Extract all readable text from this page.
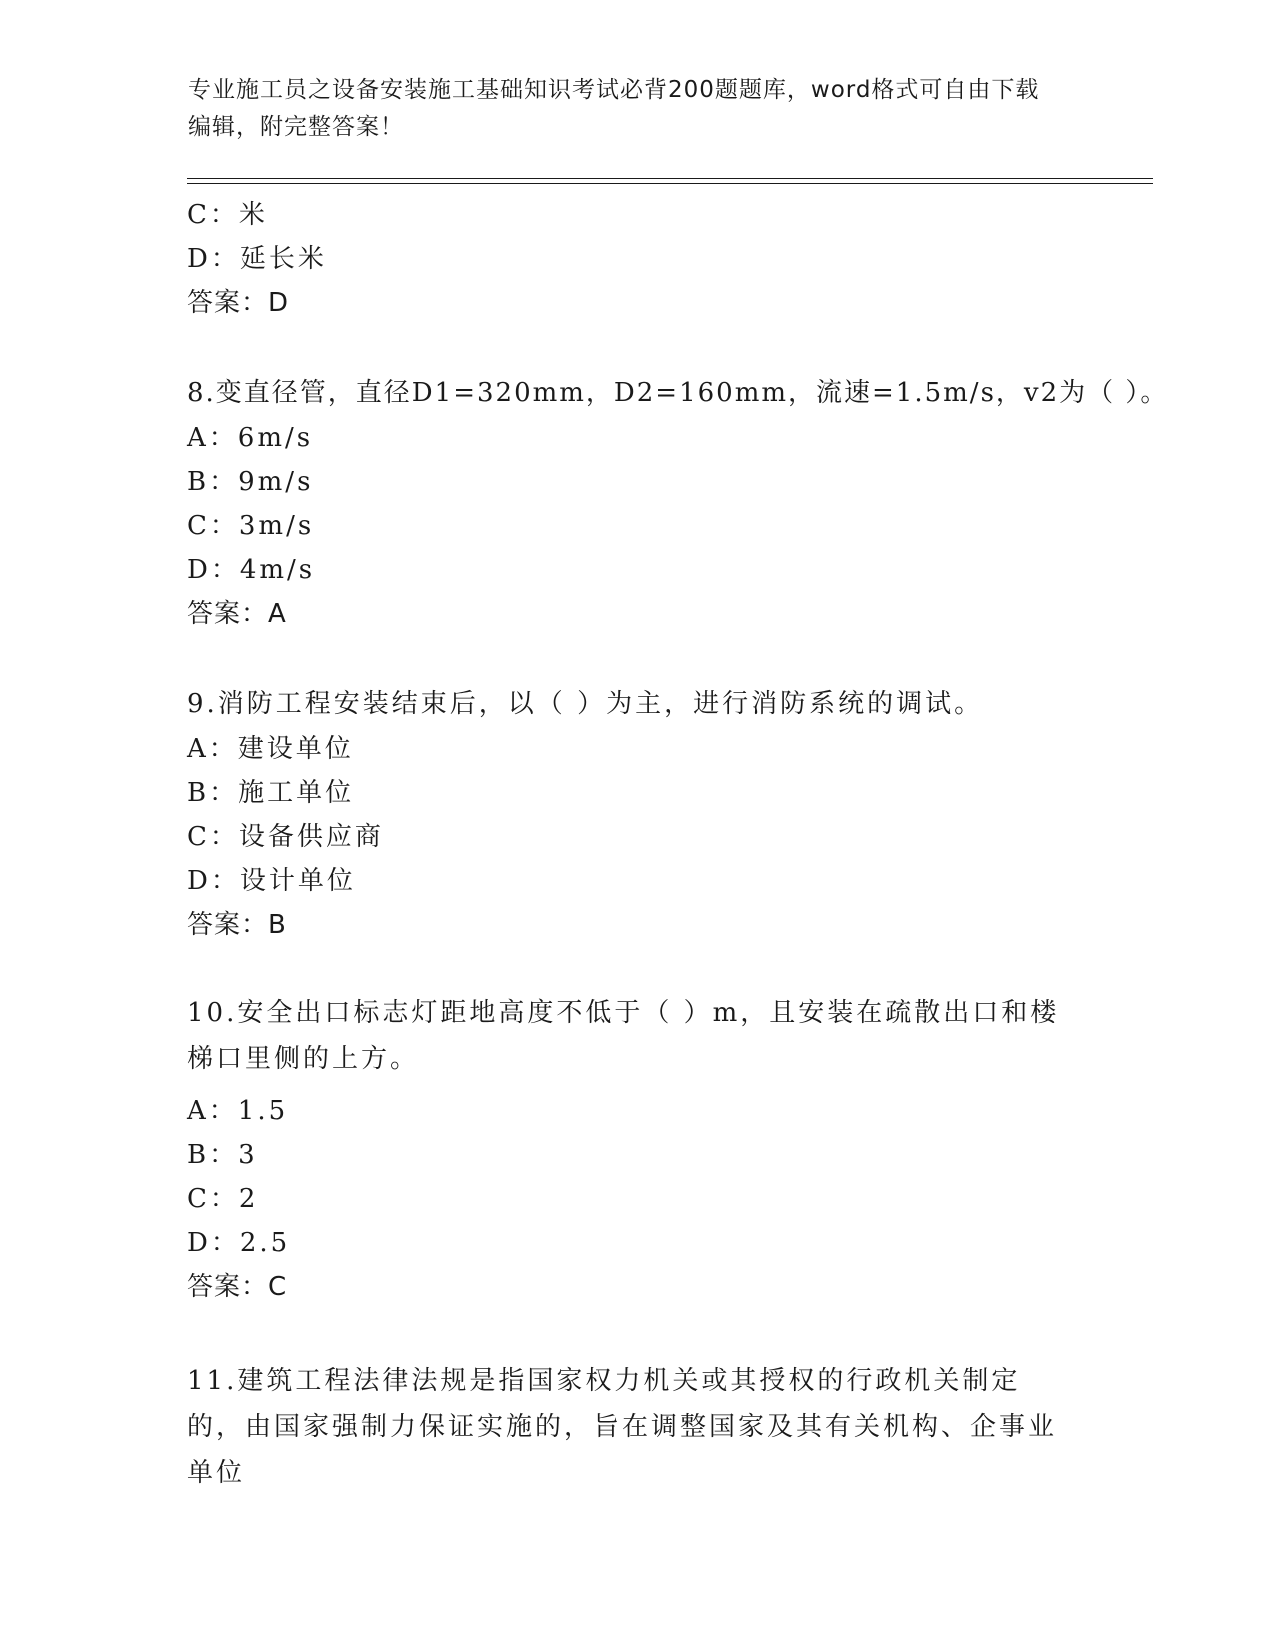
专业施工员之设备安装施工基础知识考试必背200题题库，word格式可自由下载
编辑，附完整答案！
C：米
D：延长米
答案：D
8.变直径管，直径D1=320mm，D2=160mm，流速=1.5m/s，v2为（ ）。
A：6m/s
B：9m/s
C：3m/s
D：4m/s
答案：A
9.消防工程安装结束后，以（ ）为主，进行消防系统的调试。
A：建设单位
B：施工单位
C：设备供应商
D：设计单位
答案：B
10.安全出口标志灯距地高度不低于（ ）m，且安装在疏散出口和楼梯口里侧的上方。
A：1.5
B：3
C：2
D：2.5
答案：C
11.建筑工程法律法规是指国家权力机关或其授权的行政机关制定的，由国家强制力保证实施的，旨在调整国家及其有关机构、企事业单位
